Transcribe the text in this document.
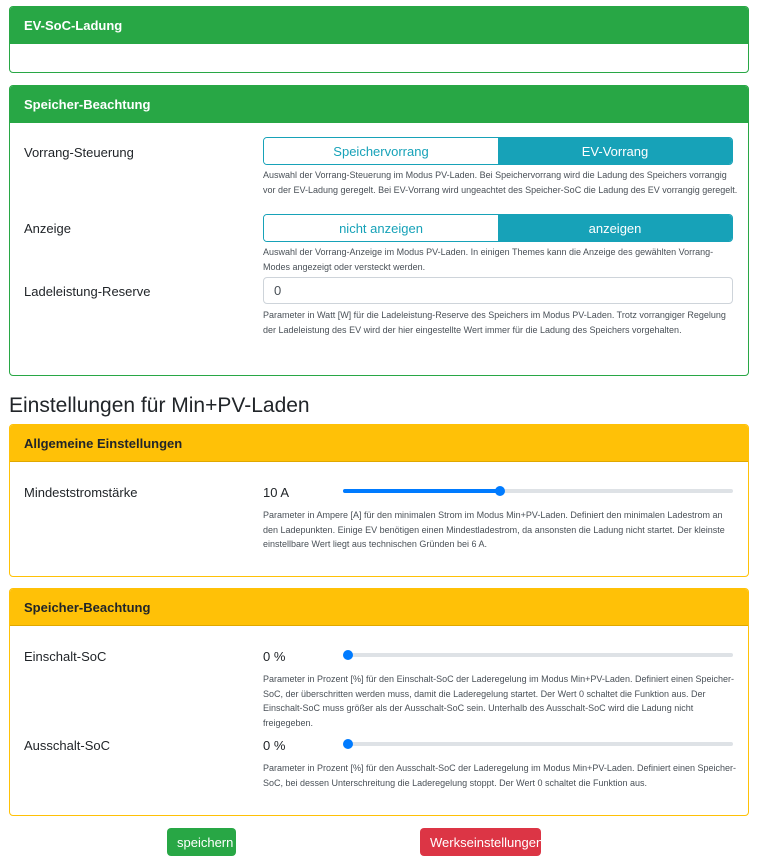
EV-SoC-Ladung
Speicher-Beachtung
Vorrang-Steuerung	Speichervorrang	EV-Vorrang
Auswahl der Vorrang-Steuerung im Modus PV-Laden. Bei Speichervorrang wird die Ladung des Speichers vorrangig vor der EV-Ladung geregelt. Bei EV-Vorrang wird ungeachtet des Speicher-SoC die Ladung des EV vorrangig geregelt.
Anzeige	nicht anzeigen	anzeigen
Auswahl der Vorrang-Anzeige im Modus PV-Laden. In einigen Themes kann die Anzeige des gewählten Vorrang-Modes angezeigt oder versteckt werden.
Ladeleistung-Reserve
0
Parameter in Watt [W] für die Ladeleistung-Reserve des Speichers im Modus PV-Laden. Trotz vorrangiger Regelung der Ladeleistung des EV wird der hier eingestellte Wert immer für die Ladung des Speichers vorgehalten.
Einstellungen für Min+PV-Laden
Allgemeine Einstellungen
Mindeststromstärke	10 A
Parameter in Ampere [A] für den minimalen Strom im Modus Min+PV-Laden. Definiert den minimalen Ladestrom an den Ladepunkten. Einige EV benötigen einen Mindestladestrom, da ansonsten die Ladung nicht startet. Der kleinste einstellbare Wert liegt aus technischen Gründen bei 6 A.
Speicher-Beachtung
Einschalt-SoC	0 %
Parameter in Prozent [%] für den Einschalt-SoC der Laderegelung im Modus Min+PV-Laden. Definiert einen Speicher-SoC, der überschritten werden muss, damit die Laderegelung startet. Der Wert 0 schaltet die Funktion aus. Der Einschalt-SoC muss größer als der Ausschalt-SoC sein. Unterhalb des Ausschalt-SoC wird die Ladung nicht freigegeben.
Ausschalt-SoC	0 %
Parameter in Prozent [%] für den Ausschalt-SoC der Laderegelung im Modus Min+PV-Laden. Definiert einen Speicher-SoC, bei dessen Unterschreitung die Laderegelung stoppt. Der Wert 0 schaltet die Funktion aus.
speichern	Werkseinstellungen
